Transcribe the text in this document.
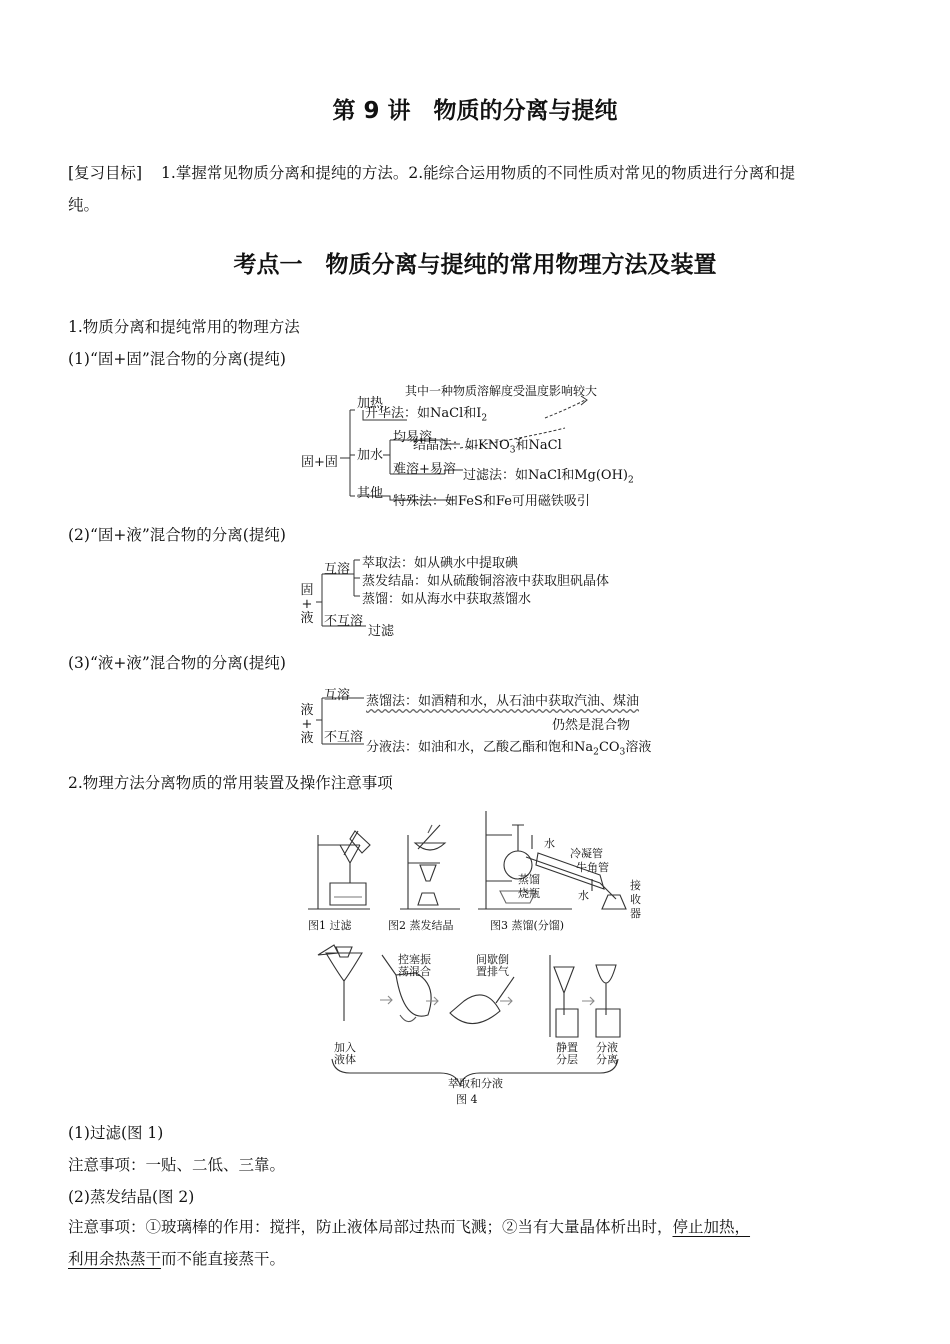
第 9 讲　物质的分离与提纯
[复习目标] 1.掌握常见物质分离和提纯的方法。2.能综合运用物质的不同性质对常见的物质进行分离和提
纯。
考点一　物质分离与提纯的常用物理方法及装置
1.物质分离和提纯常用的物理方法
(1)“固+固”混合物的分离(提纯)
加热
其中一种物质溶解度受温度影响较大
升华法：如NaCl和$I_2$
均易溶
加水
固+固
结晶法：如$KNO_3$和NaCl
难溶+易溶 过滤法：如NaCl和$Mg(OH)_2$
其他
特殊法：如FeS和Fe可用磁铁吸引
(2)“固+液”混合物的分离(提纯)
固
+
液
互溶 萃取法：如从碘水中提取碘
蒸发结晶：如从硫酸铜溶液中获取胆矾晶体
蒸馏：如从海水中获取蒸馏水
不互溶
过滤
(3)“液+液”混合物的分离(提纯)
液
+
液
互溶 蒸馏法：如酒精和水，从石油中获取汽油、煤油
仍然是混合物
不互溶
分液法：如油和水，乙酸乙酯和饱和$Na_2CO_3$溶液
2.物理方法分离物质的常用装置及操作注意事项
图1 过滤	图2 蒸发结晶	图3 蒸馏(分馏)
水
冷凝管
牛角管
蒸馏
烧瓶	水
接
收
器
控塞振
荡混合
间歇倒
置排气
加入
液体
静置
分层
分液
分离
萃取和分液
图 4
(1)过滤(图 1)
注意事项：一贴、二低、三靠。
(2)蒸发结晶(图 2)
注意事项：①玻璃棒的作用：搅拌，防止液体局部过热而飞溅；②当有大量晶体析出时，停止加热，
利用余热蒸干而不能直接蒸干。
